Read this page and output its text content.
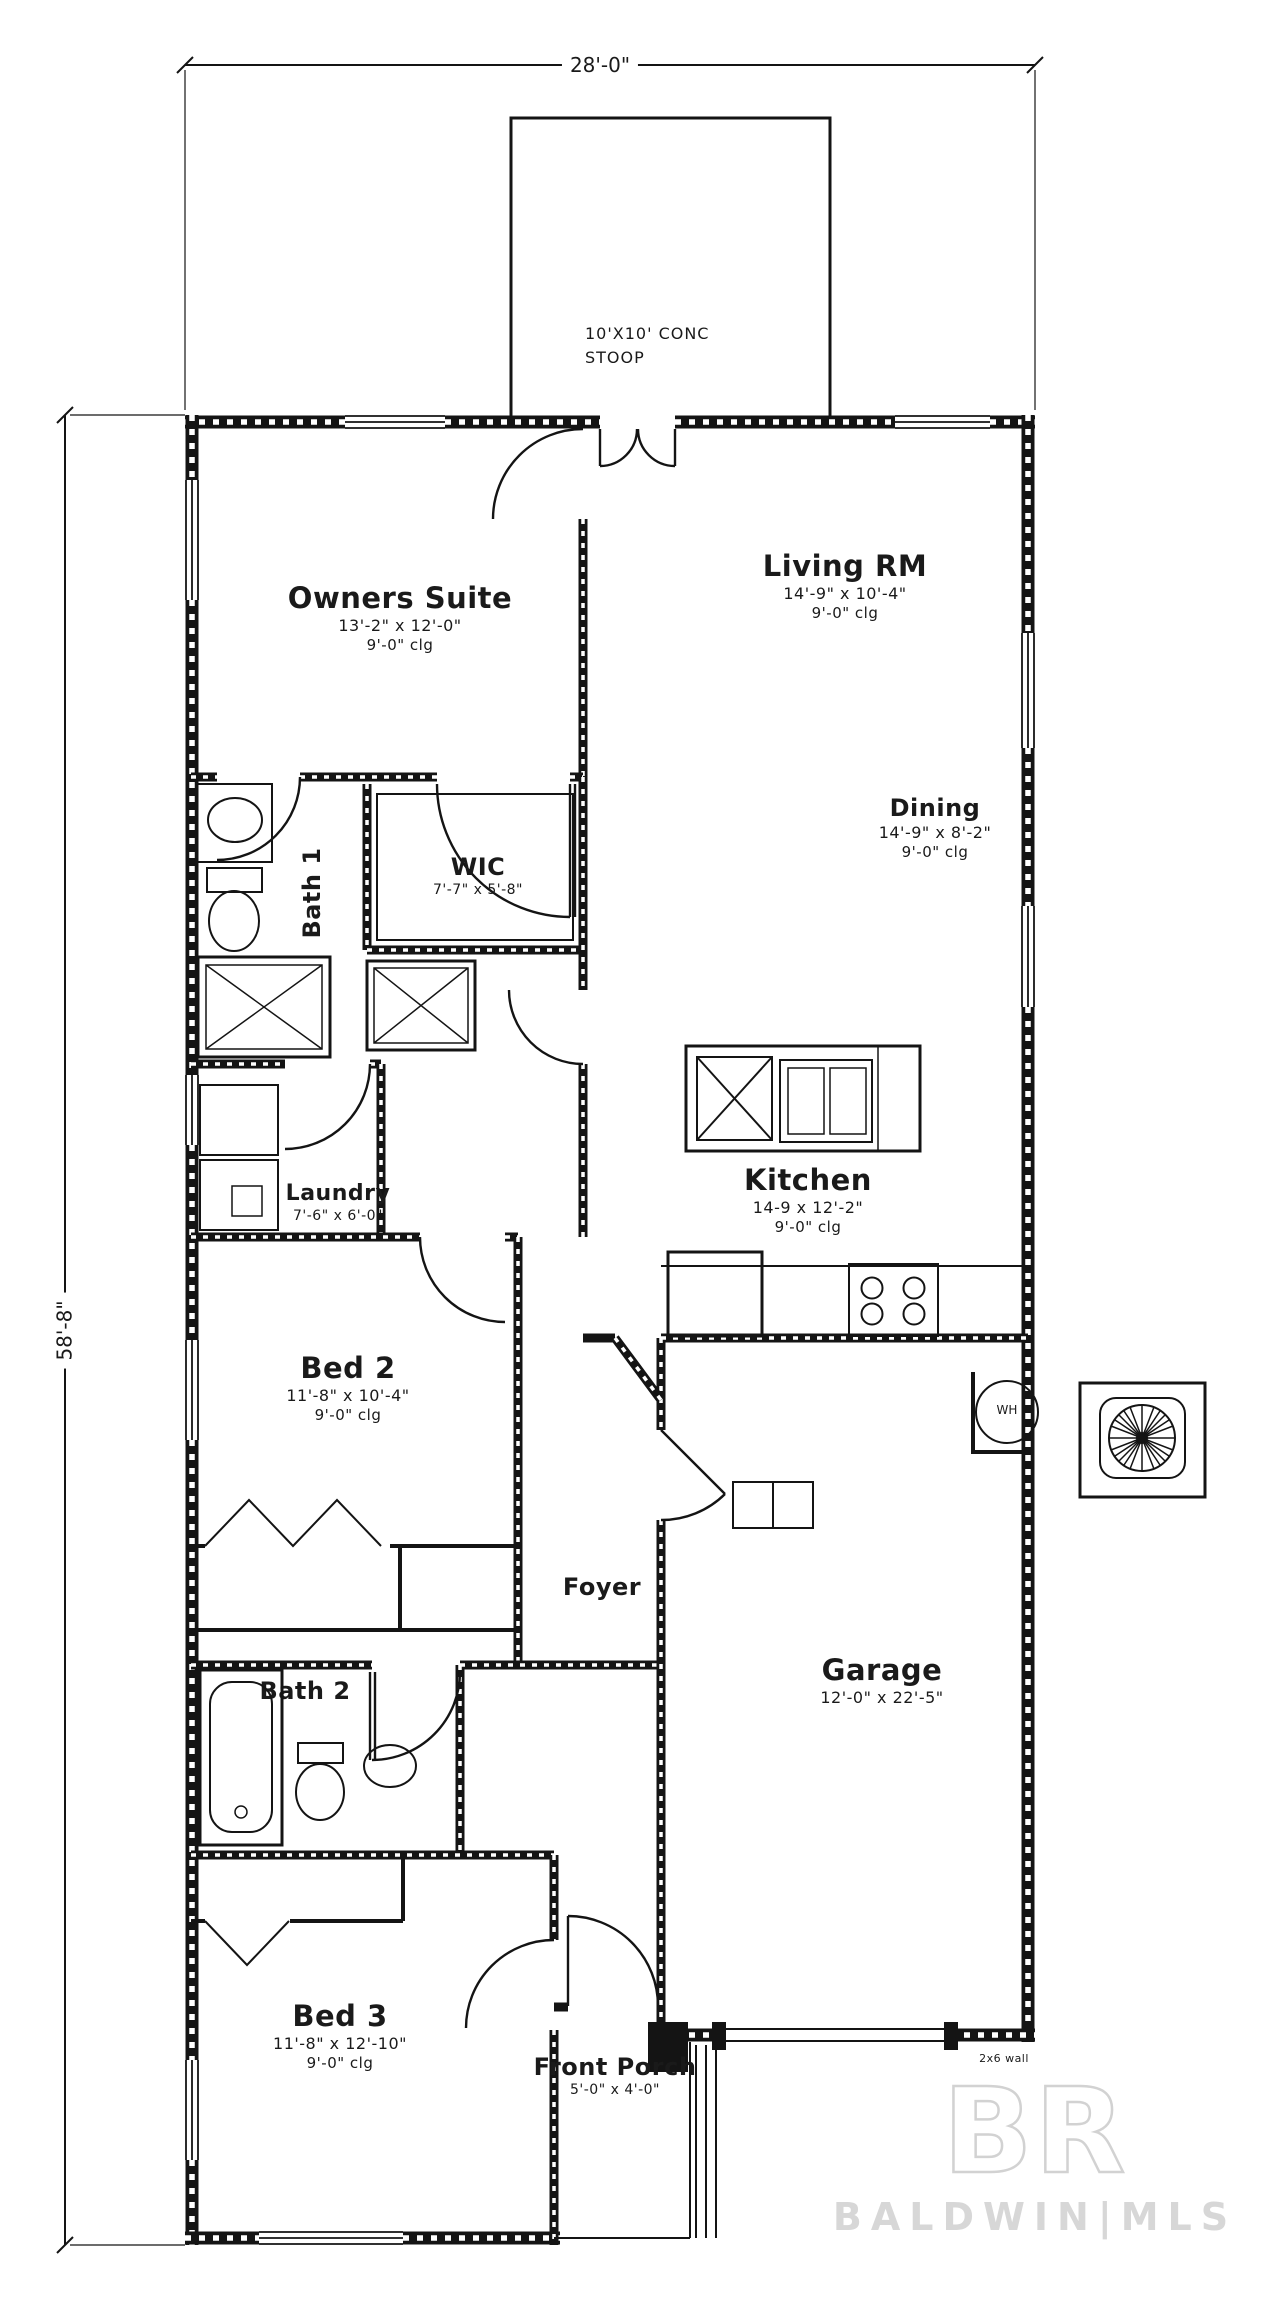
28'-0"
58'-8"
10'X10' CONC
STOOP
Owners Suite
13'-2" x 12'-0"
9'-0" clg
Living RM
14'-9" x 10'-4"
9'-0" clg
Dining
14'-9" x 8'-2"
9'-0" clg
Bath 1	WIC
7'-7" x 5'-8"
Laundry
7'-6" x 6'-0"
Kitchen
14-9 x 12'-2"
9'-0" clg
Bed 2
11'-8" x 10'-4"
9'-0" clg
Foyer
Bath 2
Garage
12'-0" x 22'-5"
Bed 3
11'-8" x 12'-10"
9'-0" clg	Front Porch
5'-0" x 4'-0"
WH
2x6 wall
BR
BALDWIN|MLS
